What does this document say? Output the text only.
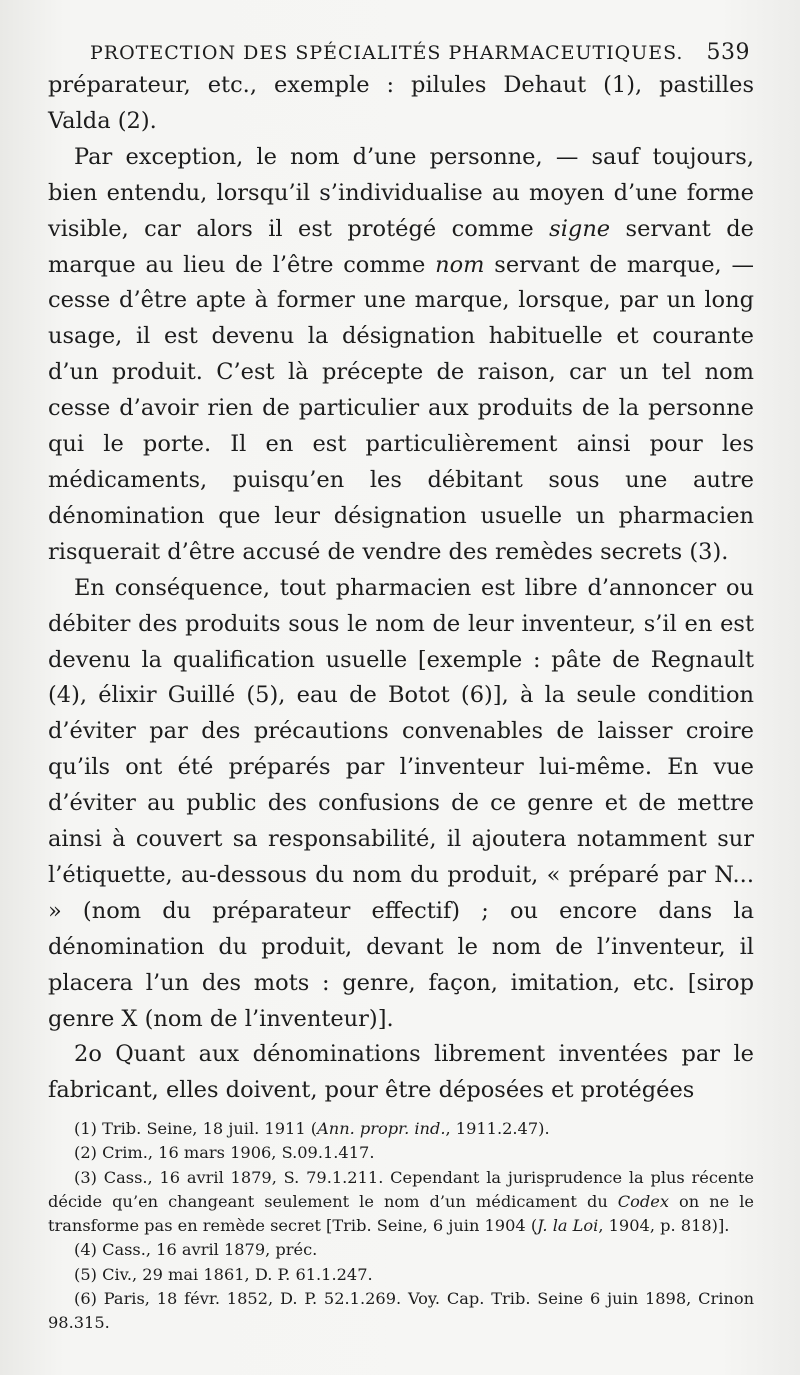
PROTECTION DES SPÉCIALITÉS PHARMACEUTIQUES. 539

préparateur, etc., exemple : pilules Dehaut (1), pastilles Valda (2).

Par exception, le nom d’une personne, — sauf toujours, bien entendu, lorsqu’il s’individualise au moyen d’une forme visible, car alors il est protégé comme signe servant de marque au lieu de l’être comme nom servant de marque, — cesse d’être apte à former une marque, lorsque, par un long usage, il est devenu la désignation habituelle et courante d’un produit. C’est là précepte de raison, car un tel nom cesse d’avoir rien de particulier aux produits de la personne qui le porte. Il en est particulièrement ainsi pour les médicaments, puisqu’en les débitant sous une autre dénomination que leur désignation usuelle un pharmacien risquerait d’être accusé de vendre des remèdes secrets (3).

En conséquence, tout pharmacien est libre d’annoncer ou débiter des produits sous le nom de leur inventeur, s’il en est devenu la qualification usuelle [exemple : pâte de Regnault (4), élixir Guillé (5), eau de Botot (6)], à la seule condition d’éviter par des précautions convenables de laisser croire qu’ils ont été préparés par l’inventeur lui-même. En vue d’éviter au public des confusions de ce genre et de mettre ainsi à couvert sa responsabilité, il ajoutera notamment sur l’étiquette, au-dessous du nom du produit, « préparé par N... » (nom du préparateur effectif) ; ou encore dans la dénomination du produit, devant le nom de l’inventeur, il placera l’un des mots : genre, façon, imitation, etc. [sirop genre X (nom de l’inventeur)].

2o Quant aux dénominations librement inventées par le fabricant, elles doivent, pour être déposées et protégées

(1) Trib. Seine, 18 juil. 1911 (Ann. propr. ind., 1911.2.47).

(2) Crim., 16 mars 1906, S.09.1.417.

(3) Cass., 16 avril 1879, S. 79.1.211. Cependant la jurisprudence la plus récente décide qu’en changeant seulement le nom d’un médicament du Codex on ne le transforme pas en remède secret [Trib. Seine, 6 juin 1904 (J. la Loi, 1904, p. 818)].

(4) Cass., 16 avril 1879, préc.

(5) Civ., 29 mai 1861, D. P. 61.1.247.

(6) Paris, 18 févr. 1852, D. P. 52.1.269. Voy. Cap. Trib. Seine 6 juin 1898, Crinon 98.315.
